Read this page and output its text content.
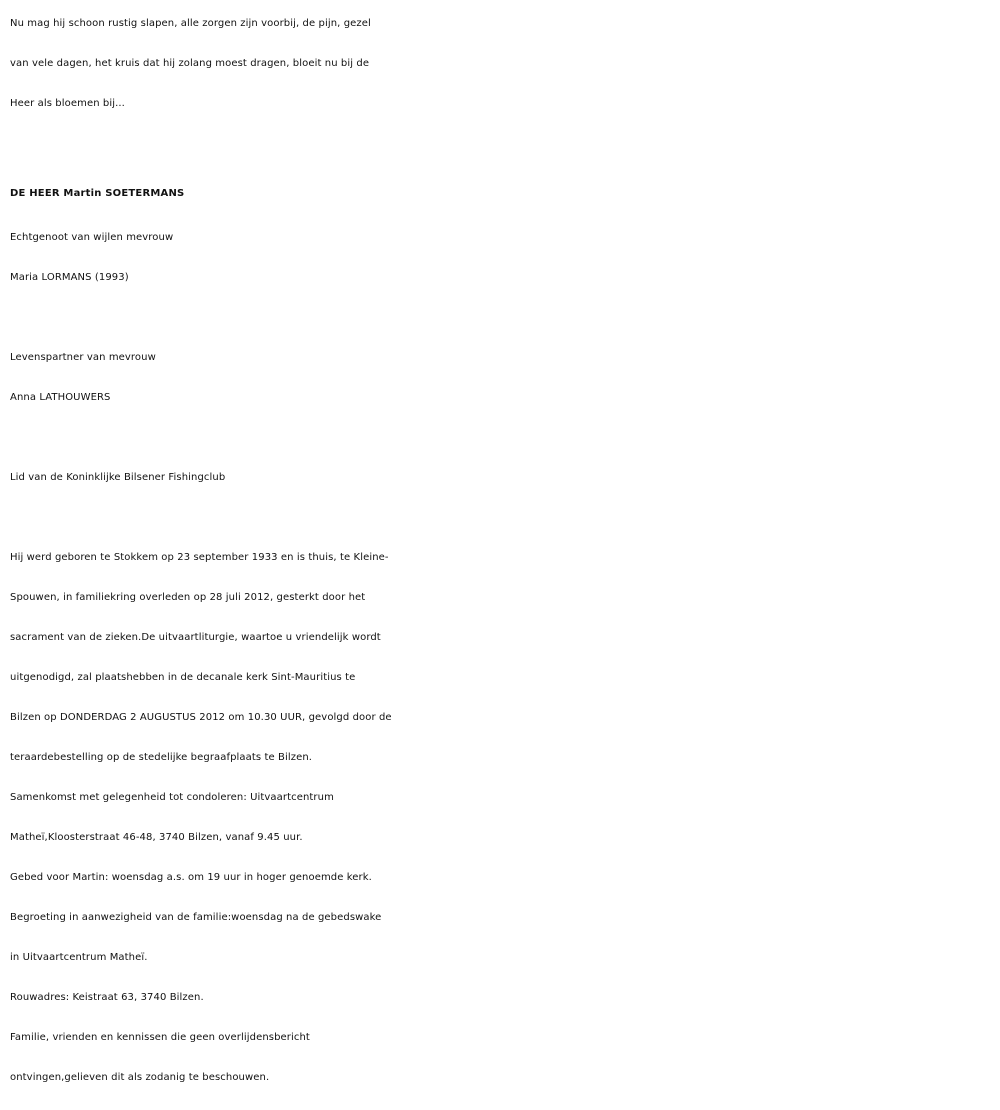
Nu mag hij schoon rustig slapen, alle zorgen zijn voorbij, de pijn, gezel
van vele dagen, het kruis dat hij zolang moest dragen, bloeit nu bij de
Heer als bloemen bij...
DE HEER Martin SOETERMANS
Echtgenoot van wijlen mevrouw
Maria LORMANS (1993)
Levenspartner van mevrouw
Anna LATHOUWERS
Lid van de Koninklijke Bilsener Fishingclub
Hij werd geboren te Stokkem op 23 september 1933 en is thuis, te Kleine-
Spouwen, in familiekring overleden op 28 juli 2012, gesterkt door het
sacrament van de zieken.De uitvaartliturgie, waartoe u vriendelijk wordt
uitgenodigd, zal plaatshebben in de decanale kerk Sint-Mauritius te
Bilzen op DONDERDAG 2 AUGUSTUS 2012 om 10.30 UUR, gevolgd door de
teraardebestelling op de stedelijke begraafplaats te Bilzen.
Samenkomst met gelegenheid tot condoleren: Uitvaartcentrum
Matheï,Kloosterstraat 46-48, 3740 Bilzen, vanaf 9.45 uur.
Gebed voor Martin: woensdag a.s. om 19 uur in hoger genoemde kerk.
Begroeting in aanwezigheid van de familie:woensdag na de gebedswake
in Uitvaartcentrum Matheï.
Rouwadres: Keistraat 63, 3740 Bilzen.
Familie, vrienden en kennissen die geen overlijdensbericht
ontvingen,gelieven dit als zodanig te beschouwen.
